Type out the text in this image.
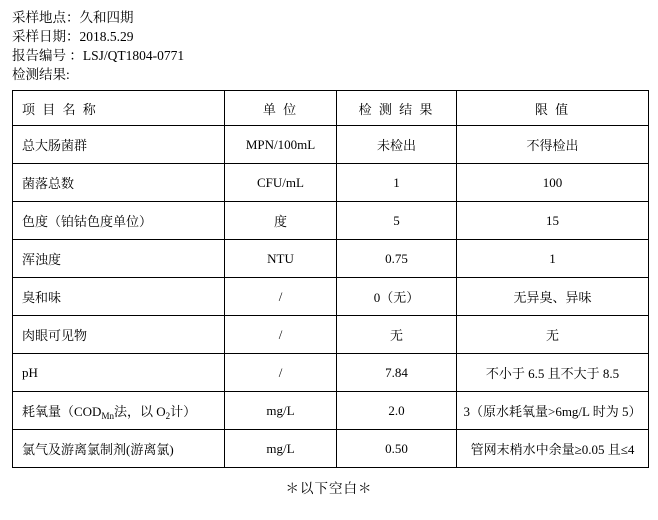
采样地点：久和四期
采样日期：2018.5.29
报告编号 ：LSJ/QT1804-0771
检测结果:
项 目 名 称	单 位	检 测 结 果	限 值
总大肠菌群	MPN/100mL	未检出	不得检出
菌落总数	CFU/mL	1	100
色度（铂钴色度单位）	度	5	15
浑浊度	NTU	0.75	1
臭和味	/	0（无）	无异臭、异味
肉眼可见物	/	无	无
pH	/	7.84	不小于 6.5 且不大于 8.5
耗氧量（$COD_{Mn}$法，以 $O_2$计）	mg/L	2.0	3（原水耗氧量>6mg/L 时为 5）
氯气及游离氯制剂(游离氯)	mg/L	0.50	管网末梢水中余量≥0.05 且≤4
＊以下空白＊
